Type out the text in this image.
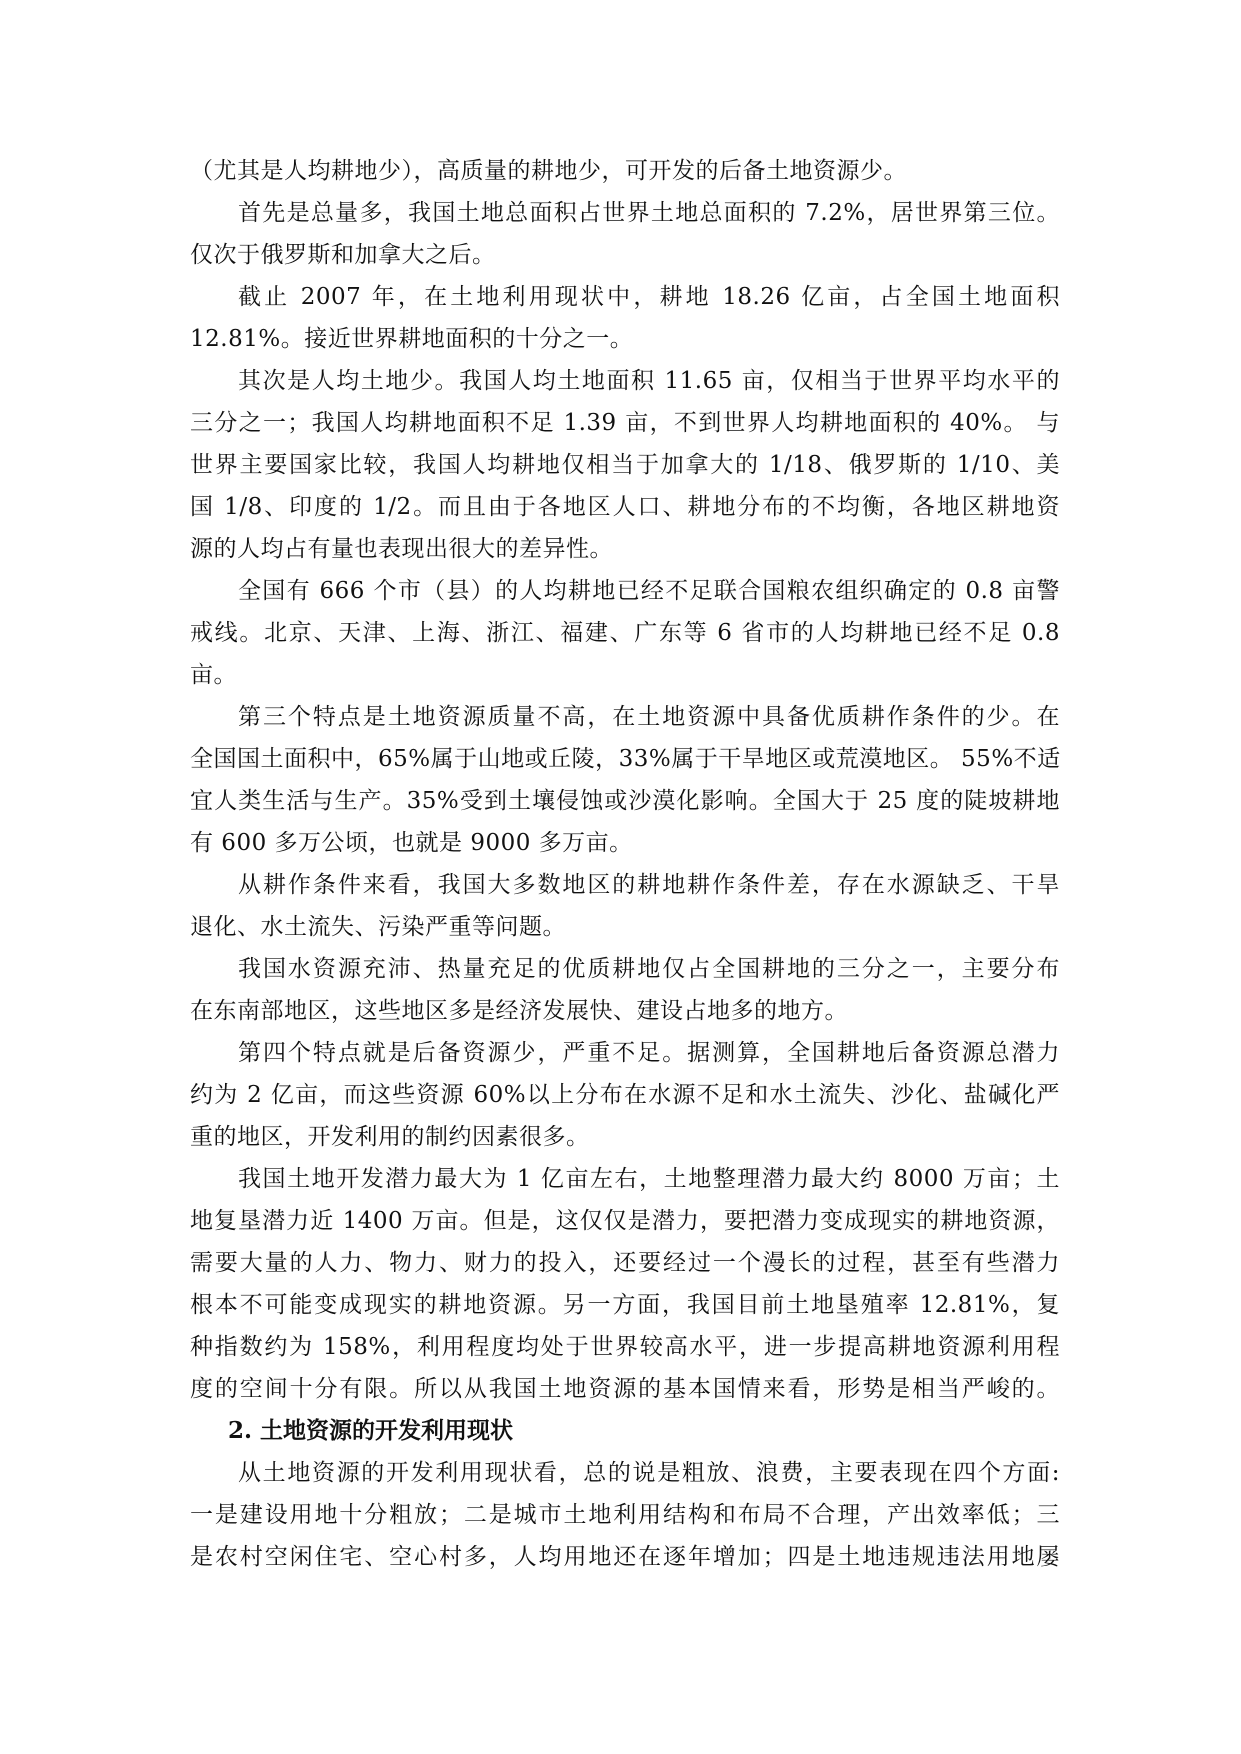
（尤其是人均耕地少），高质量的耕地少，可开发的后备土地资源少。
首先是总量多，我国土地总面积占世界土地总面积的 7.2%，居世界第三位。
仅次于俄罗斯和加拿大之后。
截止 2007 年，在土地利用现状中，耕地 18.26 亿亩，占全国土地面积
12.81%。接近世界耕地面积的十分之一。
其次是人均土地少。我国人均土地面积 11.65 亩，仅相当于世界平均水平的
三分之一；我国人均耕地面积不足 1.39 亩，不到世界人均耕地面积的 40%。 与
世界主要国家比较，我国人均耕地仅相当于加拿大的 1/18、俄罗斯的 1/10、美
国 1/8、印度的 1/2。而且由于各地区人口、耕地分布的不均衡，各地区耕地资
源的人均占有量也表现出很大的差异性。
全国有 666 个市（县）的人均耕地已经不足联合国粮农组织确定的 0.8 亩警
戒线。北京、天津、上海、浙江、福建、广东等 6 省市的人均耕地已经不足 0.8
亩。
第三个特点是土地资源质量不高，在土地资源中具备优质耕作条件的少。在
全国国土面积中，65%属于山地或丘陵，33%属于干旱地区或荒漠地区。 55%不适
宜人类生活与生产。35%受到土壤侵蚀或沙漠化影响。全国大于 25 度的陡坡耕地
有 600 多万公顷，也就是 9000 多万亩。
从耕作条件来看，我国大多数地区的耕地耕作条件差，存在水源缺乏、干旱
退化、水土流失、污染严重等问题。
我国水资源充沛、热量充足的优质耕地仅占全国耕地的三分之一，主要分布
在东南部地区，这些地区多是经济发展快、建设占地多的地方。
第四个特点就是后备资源少，严重不足。据测算，全国耕地后备资源总潜力
约为 2 亿亩，而这些资源 60%以上分布在水源不足和水土流失、沙化、盐碱化严
重的地区，开发利用的制约因素很多。
我国土地开发潜力最大为 1 亿亩左右，土地整理潜力最大约 8000 万亩；土
地复垦潜力近 1400 万亩。但是，这仅仅是潜力，要把潜力变成现实的耕地资源，
需要大量的人力、物力、财力的投入，还要经过一个漫长的过程，甚至有些潜力
根本不可能变成现实的耕地资源。另一方面，我国目前土地垦殖率 12.81%，复
种指数约为 158%，利用程度均处于世界较高水平，进一步提高耕地资源利用程
度的空间十分有限。所以从我国土地资源的基本国情来看，形势是相当严峻的。
2. 土地资源的开发利用现状
从土地资源的开发利用现状看，总的说是粗放、浪费，主要表现在四个方面:
一是建设用地十分粗放；二是城市土地利用结构和布局不合理，产出效率低；三
是农村空闲住宅、空心村多，人均用地还在逐年增加；四是土地违规违法用地屡
